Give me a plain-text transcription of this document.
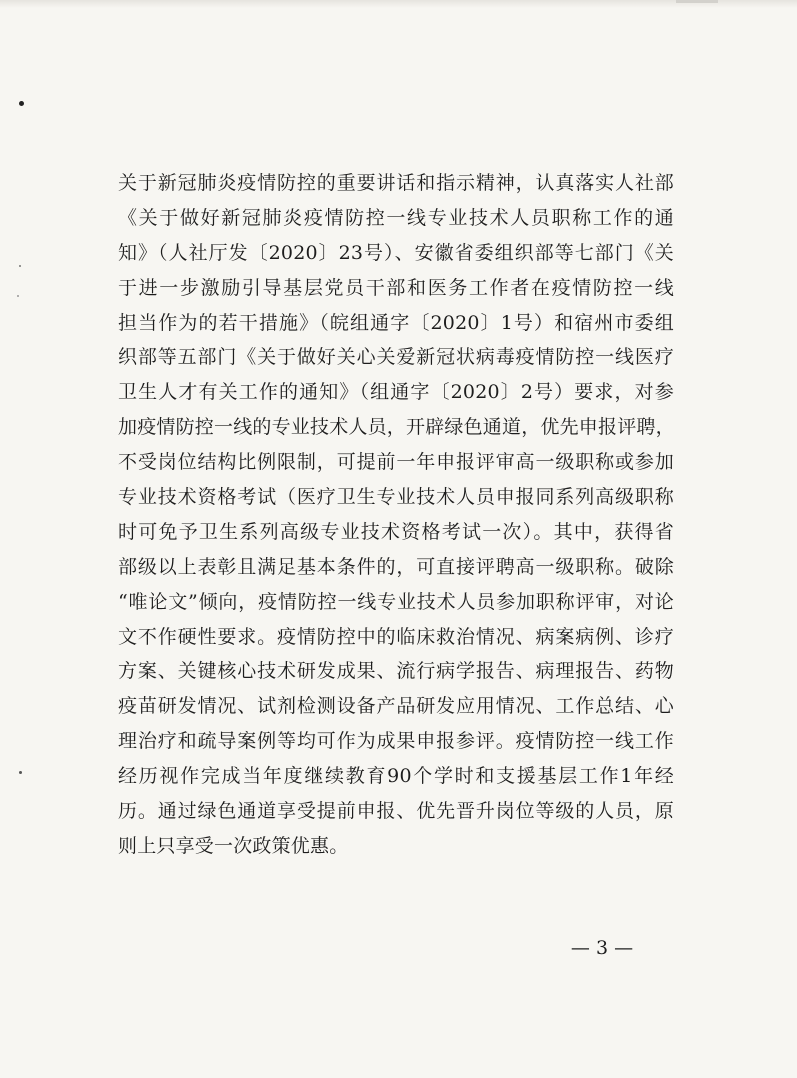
关于新冠肺炎疫情防控的重要讲话和指示精神，认真落实人社部
《关于做好新冠肺炎疫情防控一线专业技术人员职称工作的通
知》（人社厅发〔2020〕23号）、安徽省委组织部等七部门《关
于进一步激励引导基层党员干部和医务工作者在疫情防控一线
担当作为的若干措施》（皖组通字〔2020〕1号）和宿州市委组
织部等五部门《关于做好关心关爱新冠状病毒疫情防控一线医疗
卫生人才有关工作的通知》（组通字〔2020〕2号）要求，对参
加疫情防控一线的专业技术人员，开辟绿色通道，优先申报评聘，
不受岗位结构比例限制，可提前一年申报评审高一级职称或参加
专业技术资格考试（医疗卫生专业技术人员申报同系列高级职称
时可免予卫生系列高级专业技术资格考试一次）。其中，获得省
部级以上表彰且满足基本条件的，可直接评聘高一级职称。破除
“唯论文”倾向，疫情防控一线专业技术人员参加职称评审，对论
文不作硬性要求。疫情防控中的临床救治情况、病案病例、诊疗
方案、关键核心技术研发成果、流行病学报告、病理报告、药物
疫苗研发情况、试剂检测设备产品研发应用情况、工作总结、心
理治疗和疏导案例等均可作为成果申报参评。疫情防控一线工作
经历视作完成当年度继续教育90个学时和支援基层工作1年经
历。通过绿色通道享受提前申报、优先晋升岗位等级的人员，原
则上只享受一次政策优惠。
— 3 —
